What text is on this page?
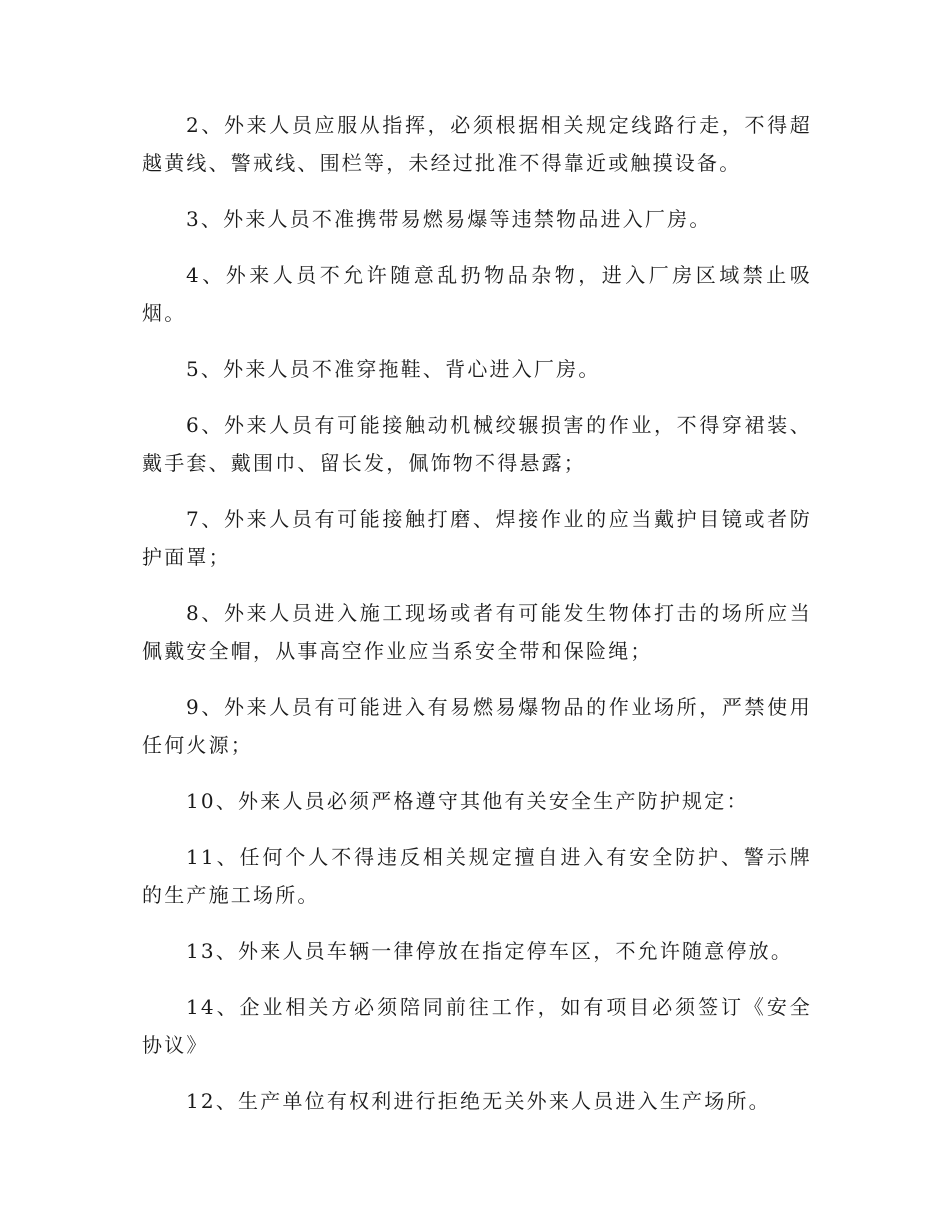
2、外来人员应服从指挥，必须根据相关规定线路行走，不得超越黄线、警戒线、围栏等，未经过批准不得靠近或触摸设备。

3、外来人员不准携带易燃易爆等违禁物品进入厂房。

4、外来人员不允许随意乱扔物品杂物，进入厂房区域禁止吸烟。

5、外来人员不准穿拖鞋、背心进入厂房。

6、外来人员有可能接触动机械绞辗损害的作业，不得穿裙装、戴手套、戴围巾、留长发，佩饰物不得悬露；

7、外来人员有可能接触打磨、焊接作业的应当戴护目镜或者防护面罩；

8、外来人员进入施工现场或者有可能发生物体打击的场所应当佩戴安全帽，从事高空作业应当系安全带和保险绳；

9、外来人员有可能进入有易燃易爆物品的作业场所，严禁使用任何火源；

10、外来人员必须严格遵守其他有关安全生产防护规定：

11、任何个人不得违反相关规定擅自进入有安全防护、警示牌的生产施工场所。

13、外来人员车辆一律停放在指定停车区，不允许随意停放。

14、企业相关方必须陪同前往工作，如有项目必须签订《安全协议》

12、生产单位有权利进行拒绝无关外来人员进入生产场所。
